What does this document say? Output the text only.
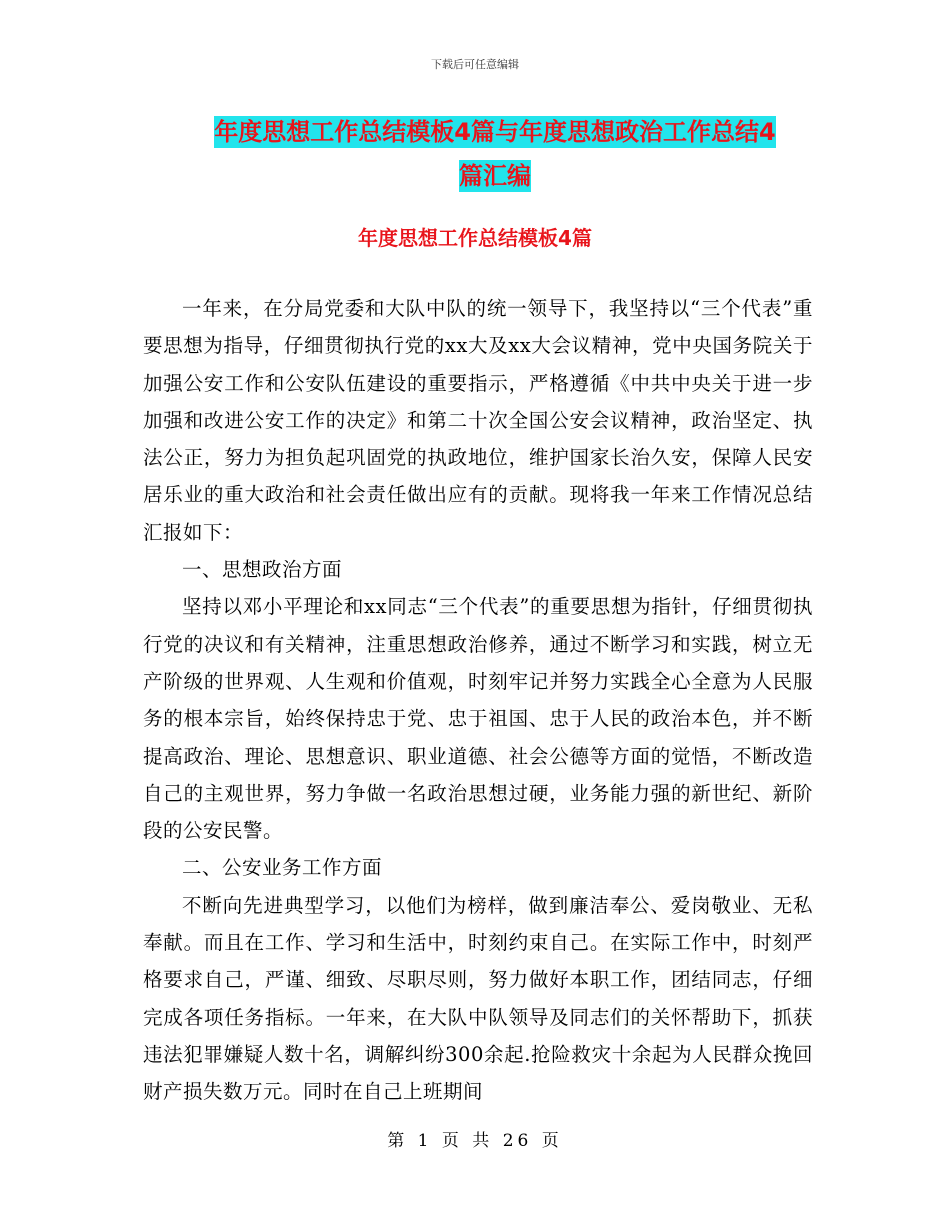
下载后可任意编辑
年度思想工作总结模板4篇与年度思想政治工作总结4
篇汇编
年度思想工作总结模板4篇

一年来，在分局党委和大队中队的统一领导下，我坚持以“三个代表”重要思想为指导，仔细贯彻执行党的xx大及xx大会议精神，党中央国务院关于加强公安工作和公安队伍建设的重要指示，严格遵循《中共中央关于进一步加强和改进公安工作的决定》和第二十次全国公安会议精神，政治坚定、执法公正，努力为担负起巩固党的执政地位，维护国家长治久安，保障人民安居乐业的重大政治和社会责任做出应有的贡献。现将我一年来工作情况总结汇报如下：

一、思想政治方面

坚持以邓小平理论和xx同志“三个代表”的重要思想为指针，仔细贯彻执行党的决议和有关精神，注重思想政治修养，通过不断学习和实践，树立无产阶级的世界观、人生观和价值观，时刻牢记并努力实践全心全意为人民服务的根本宗旨，始终保持忠于党、忠于祖国、忠于人民的政治本色，并不断提高政治、理论、思想意识、职业道德、社会公德等方面的觉悟，不断改造自己的主观世界，努力争做一名政治思想过硬，业务能力强的新世纪、新阶段的公安民警。

二、公安业务工作方面

不断向先进典型学习，以他们为榜样，做到廉洁奉公、爱岗敬业、无私奉献。而且在工作、学习和生活中，时刻约束自己。在实际工作中，时刻严格要求自己，严谨、细致、尽职尽则，努力做好本职工作，团结同志，仔细完成各项任务指标。一年来，在大队中队领导及同志们的关怀帮助下，抓获违法犯罪嫌疑人数十名，调解纠纷300余起.抢险救灾十余起为人民群众挽回财产损失数万元。同时在自己上班期间

第 1 页 共 26 页
